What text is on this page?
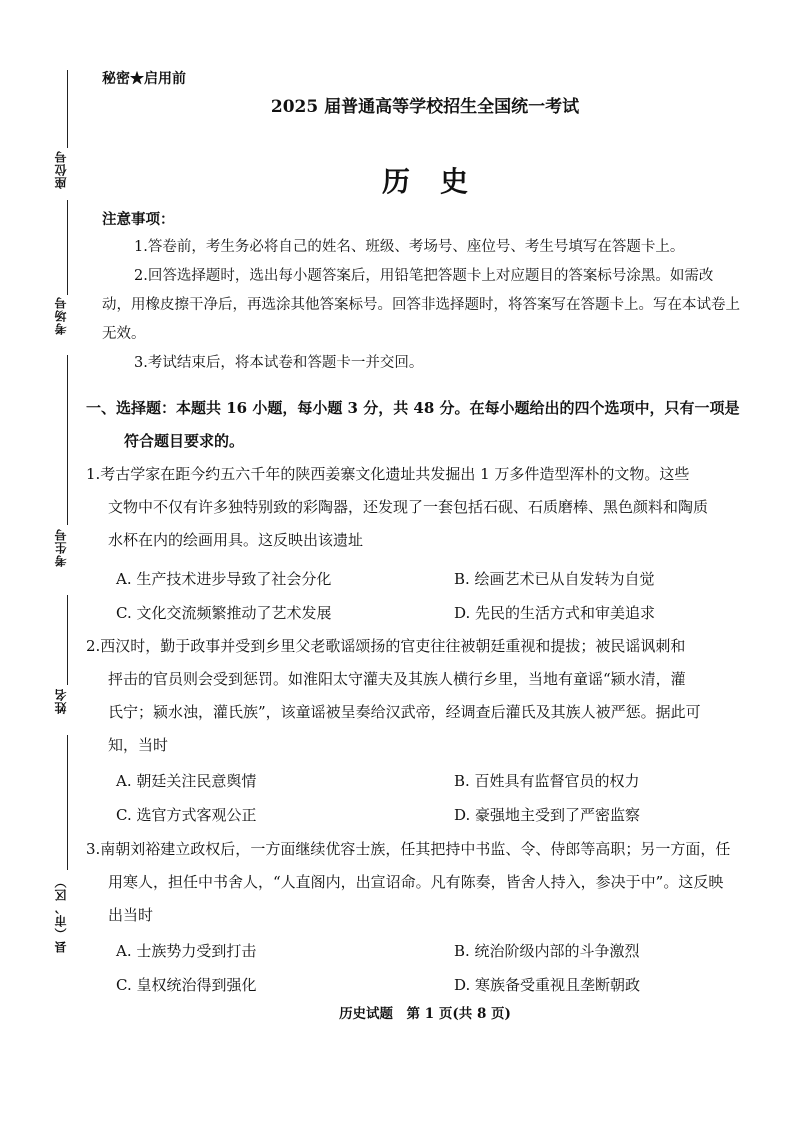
座位号
考场号
考生号
姓名
县（市、区）
秘密★启用前
2025 届普通高等学校招生全国统一考试
历史
注意事项：
1.答卷前，考生务必将自己的姓名、班级、考场号、座位号、考生号填写在答题卡上。
2.回答选择题时，选出每小题答案后，用铅笔把答题卡上对应题目的答案标号涂黑。如需改动，用橡皮擦干净后，再选涂其他答案标号。回答非选择题时，将答案写在答题卡上。写在本试卷上无效。
3.考试结束后，将本试卷和答题卡一并交回。
一、选择题：本题共 16 小题，每小题 3 分，共 48 分。在每小题给出的四个选项中，只有一项是
符合题目要求的。
1.考古学家在距今约五六千年的陕西姜寨文化遗址共发掘出 1 万多件造型浑朴的文物。这些
文物中不仅有许多独特别致的彩陶器，还发现了一套包括石砚、石质磨棒、黑色颜料和陶质
水杯在内的绘画用具。这反映出该遗址
A. 生产技术进步导致了社会分化	B. 绘画艺术已从自发转为自觉
C. 文化交流频繁推动了艺术发展	D. 先民的生活方式和审美追求
2.西汉时，勤于政事并受到乡里父老歌谣颂扬的官吏往往被朝廷重视和提拔；被民谣讽刺和
抨击的官员则会受到惩罚。如淮阳太守灌夫及其族人横行乡里，当地有童谣“颍水清，灌
氏宁；颍水浊，灌氏族”，该童谣被呈奏给汉武帝，经调查后灌氏及其族人被严惩。据此可
知，当时
A. 朝廷关注民意舆情	B. 百姓具有监督官员的权力
C. 选官方式客观公正	D. 豪强地主受到了严密监察
3.南朝刘裕建立政权后，一方面继续优容士族，任其把持中书监、令、侍郎等高职；另一方面，任
用寒人，担任中书舍人，“人直阁内，出宣诏命。凡有陈奏，皆舍人持入，参决于中”。这反映
出当时
A. 士族势力受到打击	B. 统治阶级内部的斗争激烈
C. 皇权统治得到强化	D. 寒族备受重视且垄断朝政
历史试题　第 1 页(共 8 页)
